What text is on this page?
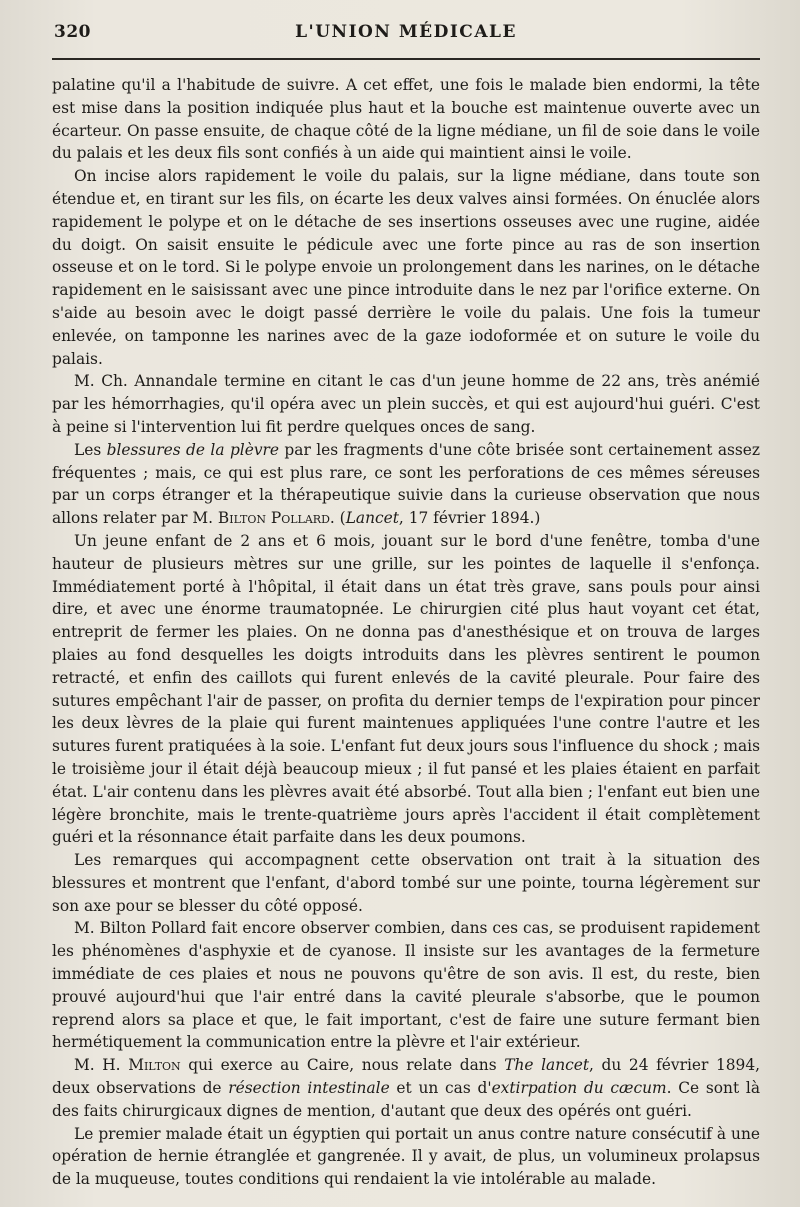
320	L'UNION MÉDICALE

palatine qu'il a l'habitude de suivre. A cet effet, une fois le malade bien endormi, la tête est mise dans la position indiquée plus haut et la bouche est maintenue ouverte avec un écarteur. On passe ensuite, de chaque côté de la ligne médiane, un fil de soie dans le voile du palais et les deux fils sont confiés à un aide qui maintient ainsi le voile.

On incise alors rapidement le voile du palais, sur la ligne médiane, dans toute son étendue et, en tirant sur les fils, on écarte les deux valves ainsi formées. On énuclée alors rapidement le polype et on le détache de ses insertions osseuses avec une rugine, aidée du doigt. On saisit ensuite le pédicule avec une forte pince au ras de son insertion osseuse et on le tord. Si le polype envoie un prolongement dans les narines, on le détache rapidement en le saisissant avec une pince introduite dans le nez par l'orifice externe. On s'aide au besoin avec le doigt passé derrière le voile du palais. Une fois la tumeur enlevée, on tamponne les narines avec de la gaze iodoformée et on suture le voile du palais.

M. Ch. Annandale termine en citant le cas d'un jeune homme de 22 ans, très anémié par les hémorrhagies, qu'il opéra avec un plein succès, et qui est aujourd'hui guéri. C'est à peine si l'intervention lui fit perdre quelques onces de sang.

Les blessures de la plèvre par les fragments d'une côte brisée sont certainement assez fréquentes ; mais, ce qui est plus rare, ce sont les perforations de ces mêmes séreuses par un corps étranger et la thérapeutique suivie dans la curieuse observation que nous allons relater par M. Bilton Pollard. (Lancet, 17 février 1894.)

Un jeune enfant de 2 ans et 6 mois, jouant sur le bord d'une fenêtre, tomba d'une hauteur de plusieurs mètres sur une grille, sur les pointes de laquelle il s'enfonça. Immédiatement porté à l'hôpital, il était dans un état très grave, sans pouls pour ainsi dire, et avec une énorme traumatopnée. Le chirurgien cité plus haut voyant cet état, entreprit de fermer les plaies. On ne donna pas d'anesthésique et on trouva de larges plaies au fond desquelles les doigts introduits dans les plèvres sentirent le poumon retracté, et enfin des caillots qui furent enlevés de la cavité pleurale. Pour faire des sutures empêchant l'air de passer, on profita du dernier temps de l'expiration pour pincer les deux lèvres de la plaie qui furent maintenues appliquées l'une contre l'autre et les sutures furent pratiquées à la soie. L'enfant fut deux jours sous l'influence du shock ; mais le troisième jour il était déjà beaucoup mieux ; il fut pansé et les plaies étaient en parfait état. L'air contenu dans les plèvres avait été absorbé. Tout alla bien ; l'enfant eut bien une légère bronchite, mais le trente-quatrième jours après l'accident il était complètement guéri et la résonnance était parfaite dans les deux poumons.

Les remarques qui accompagnent cette observation ont trait à la situation des blessures et montrent que l'enfant, d'abord tombé sur une pointe, tourna légèrement sur son axe pour se blesser du côté opposé.

M. Bilton Pollard fait encore observer combien, dans ces cas, se produisent rapidement les phénomènes d'asphyxie et de cyanose. Il insiste sur les avantages de la fermeture immédiate de ces plaies et nous ne pouvons qu'être de son avis. Il est, du reste, bien prouvé aujourd'hui que l'air entré dans la cavité pleurale s'absorbe, que le poumon reprend alors sa place et que, le fait important, c'est de faire une suture fermant bien hermétiquement la communication entre la plèvre et l'air extérieur.

M. H. Milton qui exerce au Caire, nous relate dans The lancet, du 24 février 1894, deux observations de résection intestinale et un cas d'extirpation du cæcum. Ce sont là des faits chirurgicaux dignes de mention, d'autant que deux des opérés ont guéri.

Le premier malade était un égyptien qui portait un anus contre nature consécutif à une opération de hernie étranglée et gangrenée. Il y avait, de plus, un volumineux prolapsus de la muqueuse, toutes conditions qui rendaient la vie intolérable au malade.
